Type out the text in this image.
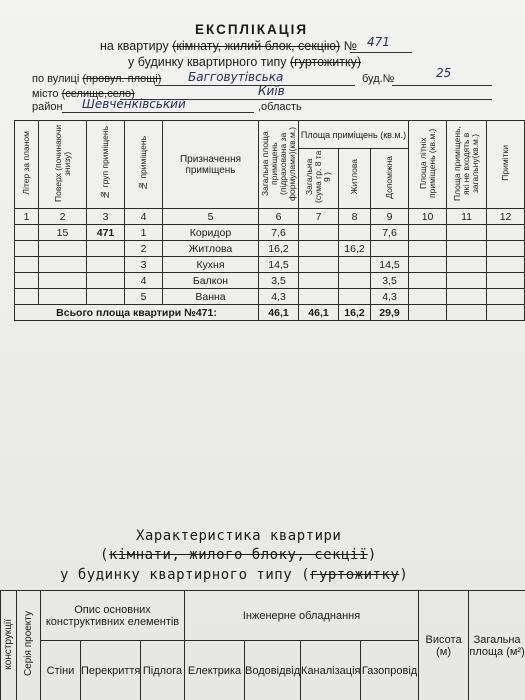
ЕКСПЛІКАЦІЯ
на квартиру (кімнату, жилий блок, секцію) № 471
у будинку квартирного типу (гуртожитку)
по вулиці (провул. площі) Багговутівська	буд.№	25
місто (селище,село)	Київ
район Шевченківський	,область
Літер за планом	Поверх (починаючи знизу)	№ груп приміщень	№ приміщень	Призначення приміщень	Загальна площа приміщень (підрахована за формулами)(кв.м.)	Площа приміщень (кв.м.)			Площа літніх приміщень (кв.м.)	Площа приміщень, які не входять в загальну(кв.м.)	Примітки
						Загальна (сума гр. 8 та 9 )	Житлова	Допоміжна			
1	2	3	4	5	6	7	8	9	10	11	12
	15	471	1	Коридор	7,6			7,6			
			2	Житлова	16,2		16,2				
			3	Кухня	14,5			14,5			
			4	Балкон	3,5			3,5			
			5	Ванна	4,3			4,3			
Всього площа квартири №471:					46,1	46,1	16,2	29,9			
Характеристика квартири
(кімнати, жилого блоку, секції)
у будинку квартирного типу (гуртожитку)
конструкції	Серія проекту	Опис основних конструктивних елементів			Інженерне обладнання				Висота (м)	Загальна площа (м²)
		Стіни	Перекриття	Підлога	Електрика	Водовідвід	Каналізація	Газопровід		
